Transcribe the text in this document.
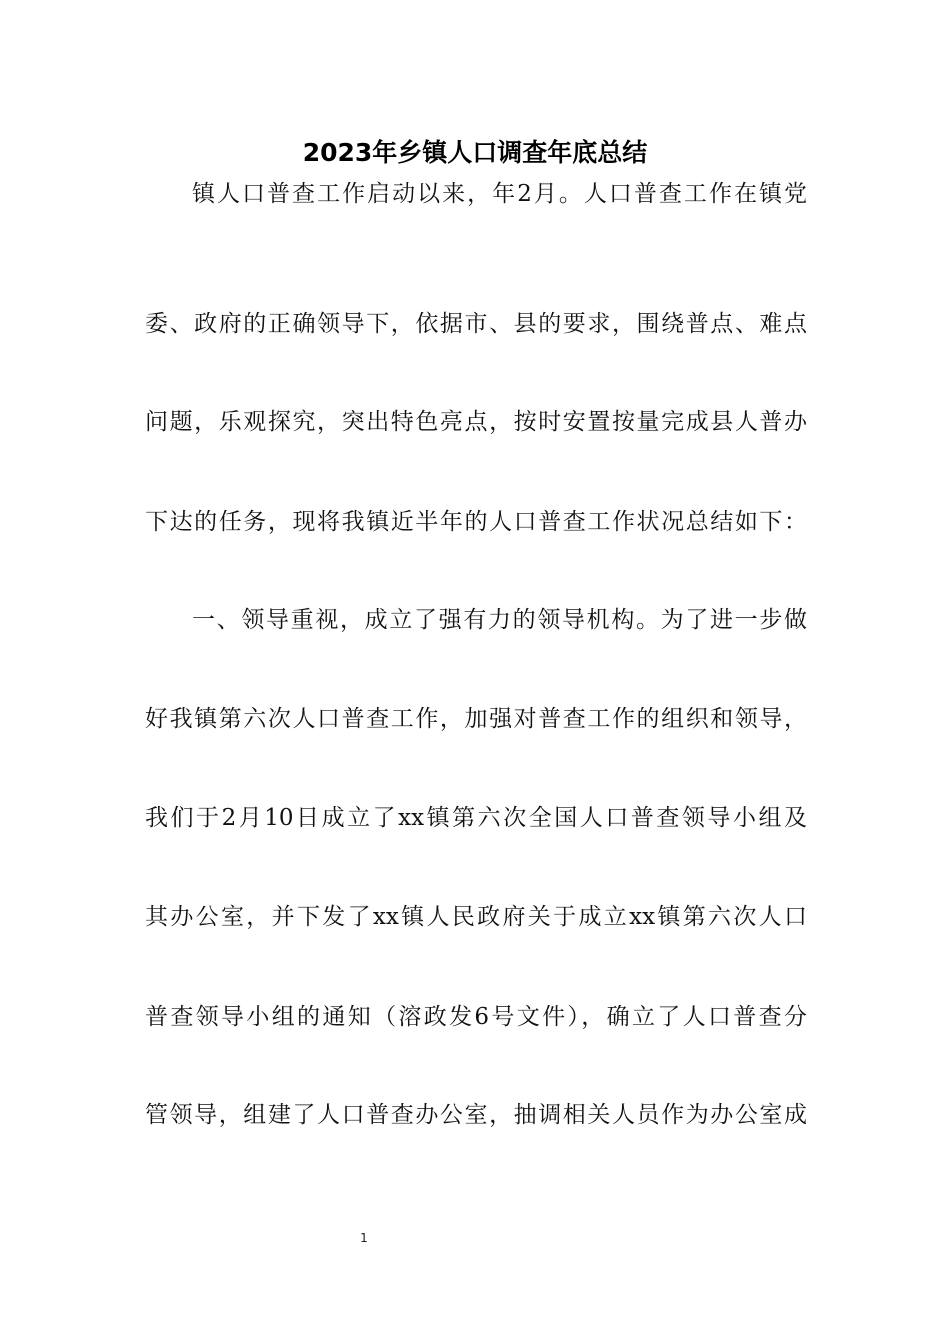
2023年乡镇人口调查年底总结
镇人口普查工作启动以来，年2月。人口普查工作在镇党
委、政府的正确领导下，依据市、县的要求，围绕普点、难点
问题，乐观探究，突出特色亮点，按时安置按量完成县人普办
下达的任务，现将我镇近半年的人口普查工作状况总结如下：
一、领导重视，成立了强有力的领导机构。为了进一步做
好我镇第六次人口普查工作，加强对普查工作的组织和领导，
我们于2月10日成立了xx镇第六次全国人口普查领导小组及
其办公室，并下发了xx镇人民政府关于成立xx镇第六次人口
普查领导小组的通知（溶政发6号文件），确立了人口普查分
管领导，组建了人口普查办公室，抽调相关人员作为办公室成
1
